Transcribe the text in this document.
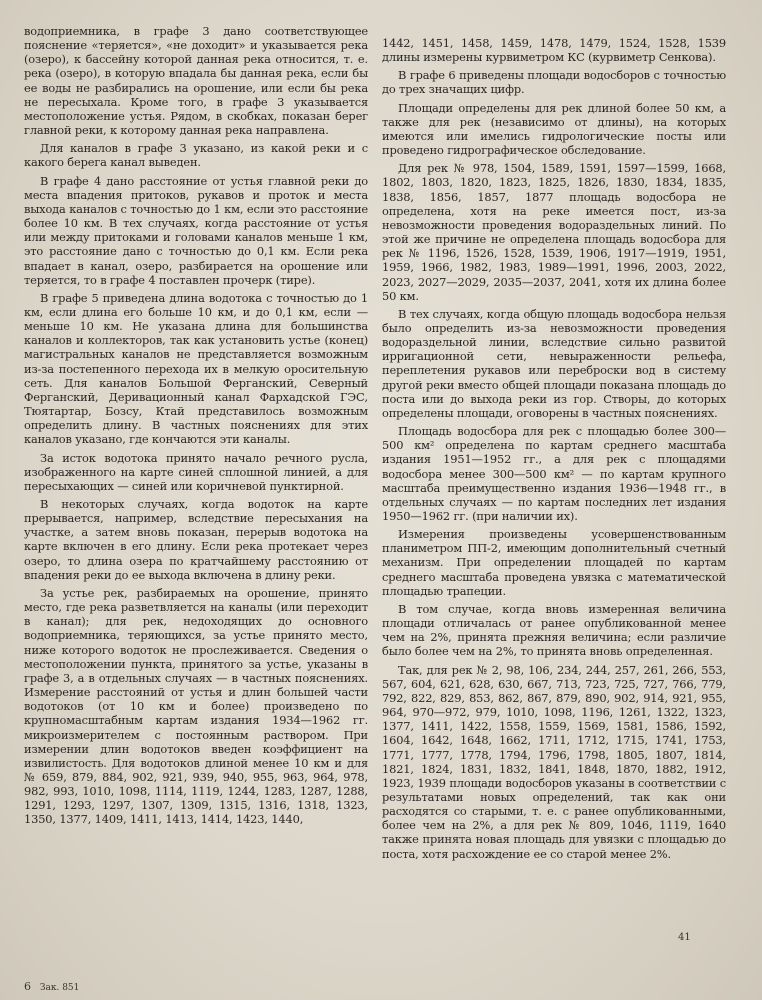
водоприемника, в графе 3 дано соответствующее пояснение «теряется», «не доходит» и указывается река (озеро), к бассейну которой данная река относится, т. е. река (озеро), в которую впадала бы данная река, если бы ее воды не разбирались на орошение, или если бы река не пересыхала. Кроме того, в графе 3 указывается местоположение устья. Рядом, в скобках, показан берег главной реки, к которому данная река направлена.

Для каналов в графе 3 указано, из какой реки и с какого берега канал выведен.

В графе 4 дано расстояние от устья главной реки до места впадения притоков, рукавов и проток и места выхода каналов с точностью до 1 км, если это расстояние более 10 км. В тех случаях, когда расстояние от устья или между притоками и головами каналов меньше 1 км, это расстояние дано с точностью до 0,1 км. Если река впадает в канал, озеро, разбирается на орошение или теряется, то в графе 4 поставлен прочерк (тире).

В графе 5 приведена длина водотока с точностью до 1 км, если длина его больше 10 км, и до 0,1 км, если — меньше 10 км. Не указана длина для большинства каналов и коллекторов, так как установить устье (конец) магистральных каналов не представляется возможным из-за постепенного перехода их в мелкую оросительную сеть. Для каналов Большой Ферганский, Северный Ферганский, Деривационный канал Фархадской ГЭС, Тюятартар, Бозсу, Ктай представилось возможным определить длину. В частных пояснениях для этих каналов указано, где кончаются эти каналы.

За исток водотока принято начало речного русла, изображенного на карте синей сплошной линией, а для пересыхающих — синей или коричневой пунктирной.

В некоторых случаях, когда водоток на карте прерывается, например, вследствие пересыхания на участке, а затем вновь показан, перерыв водотока на карте включен в его длину. Если река протекает через озеро, то длина озера по кратчайшему расстоянию от впадения реки до ее выхода включена в длину реки.

За устье рек, разбираемых на орошение, принято место, где река разветвляется на каналы (или переходит в канал); для рек, недоходящих до основного водоприемника, теряющихся, за устье принято место, ниже которого водоток не прослеживается. Сведения о местоположении пункта, принятого за устье, указаны в графе 3, а в отдельных случаях — в частных пояснениях. Измерение расстояний от устья и длин большей части водотоков (от 10 км и более) произведено по крупномасштабным картам издания 1934—1962 гг. микроизмерителем с постоянным раствором. При измерении длин водотоков введен коэффициент на извилистость. Для водотоков длиной менее 10 км и для № 659, 879, 884, 902, 921, 939, 940, 955, 963, 964, 978, 982, 993, 1010, 1098, 1114, 1119, 1244, 1283, 1287, 1288, 1291, 1293, 1297, 1307, 1309, 1315, 1316, 1318, 1323, 1350, 1377, 1409, 1411, 1413, 1414, 1423, 1440,

1442, 1451, 1458, 1459, 1478, 1479, 1524, 1528, 1539 длины измерены курвиметром КС (курвиметр Сенкова).

В графе 6 приведены площади водосборов с точностью до трех значащих цифр.

Площади определены для рек длиной более 50 км, а также для рек (независимо от длины), на которых имеются или имелись гидрологические посты или проведено гидрографическое обследование.

Для рек № 978, 1504, 1589, 1591, 1597—1599, 1668, 1802, 1803, 1820, 1823, 1825, 1826, 1830, 1834, 1835, 1838, 1856, 1857, 1877 площадь водосбора не определена, хотя на реке имеется пост, из-за невозможности проведения водораздельных линий. По этой же причине не определена площадь водосбора для рек № 1196, 1526, 1528, 1539, 1906, 1917—1919, 1951, 1959, 1966, 1982, 1983, 1989—1991, 1996, 2003, 2022, 2023, 2027—2029, 2035—2037, 2041, хотя их длина более 50 км.

В тех случаях, когда общую площадь водосбора нельзя было определить из-за невозможности проведения водораздельной линии, вследствие сильно развитой ирригационной сети, невыраженности рельефа, переплетения рукавов или переброски вод в систему другой реки вместо общей площади показана площадь до поста или до выхода реки из гор. Створы, до которых определены площади, оговорены в частных пояснениях.

Площадь водосбора для рек с площадью более 300—500 км² определена по картам среднего масштаба издания 1951—1952 гг., а для рек с площадями водосбора менее 300—500 км² — по картам крупного масштаба преимущественно издания 1936—1948 гг., в отдельных случаях — по картам последних лет издания 1950—1962 гг. (при наличии их).

Измерения произведены усовершенствованным планиметром ПП-2, имеющим дополнительный счетный механизм. При определении площадей по картам среднего масштаба проведена увязка с математической площадью трапеции.

В том случае, когда вновь измеренная величина площади отличалась от ранее опубликованной менее чем на 2%, принята прежняя величина; если различие было более чем на 2%, то принята вновь определенная.

Так, для рек № 2, 98, 106, 234, 244, 257, 261, 266, 553, 567, 604, 621, 628, 630, 667, 713, 723, 725, 727, 766, 779, 792, 822, 829, 853, 862, 867, 879, 890, 902, 914, 921, 955, 964, 970—972, 979, 1010, 1098, 1196, 1261, 1322, 1323, 1377, 1411, 1422, 1558, 1559, 1569, 1581, 1586, 1592, 1604, 1642, 1648, 1662, 1711, 1712, 1715, 1741, 1753, 1771, 1777, 1778, 1794, 1796, 1798, 1805, 1807, 1814, 1821, 1824, 1831, 1832, 1841, 1848, 1870, 1882, 1912, 1923, 1939 площади водосборов указаны в соответствии с результатами новых определений, так как они расходятся со старыми, т. е. с ранее опубликованными, более чем на 2%, а для рек № 809, 1046, 1119, 1640 также принята новая площадь для увязки с площадью до поста, хотя расхождение ее со старой менее 2%.

41
6 Зак. 851
